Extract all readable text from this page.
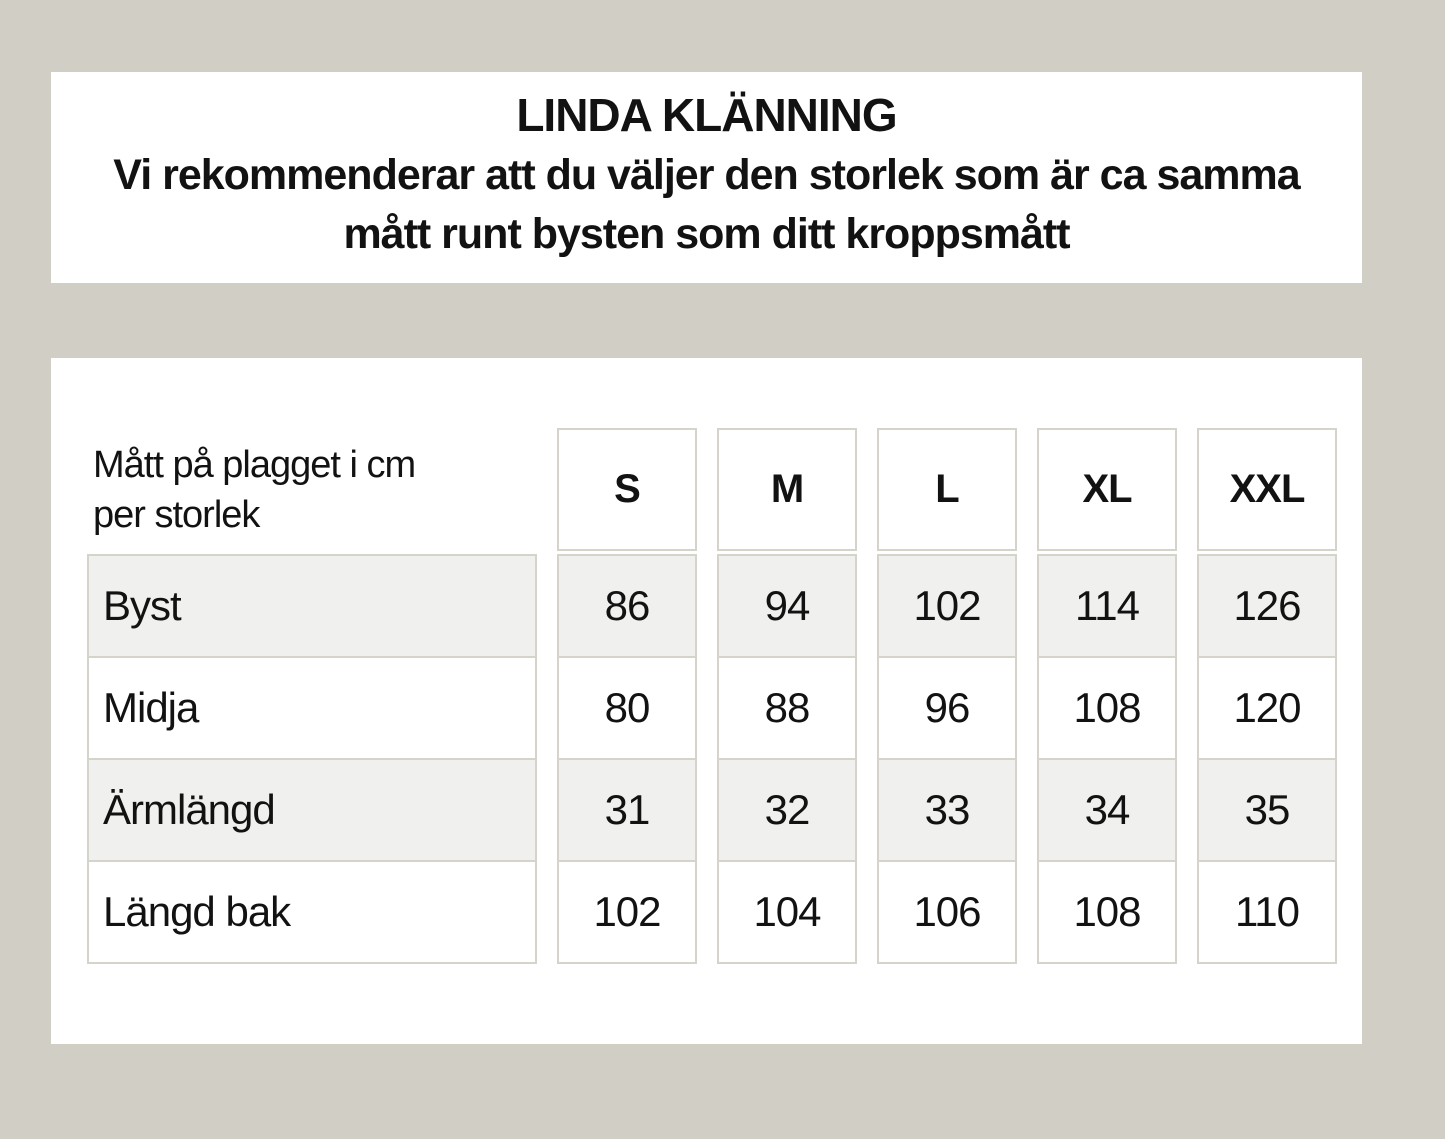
LINDA KLÄNNING
Vi rekommenderar att du väljer den storlek som är ca samma
mått runt bysten som ditt kroppsmått
Mått på plagget i cm
per storlek
Byst
Midja
Ärmlängd
Längd bak
S
86
80
31
102
M
94
88
32
104
L
102
96
33
106
XL
114
108
34
108
XXL
126
120
35
110
